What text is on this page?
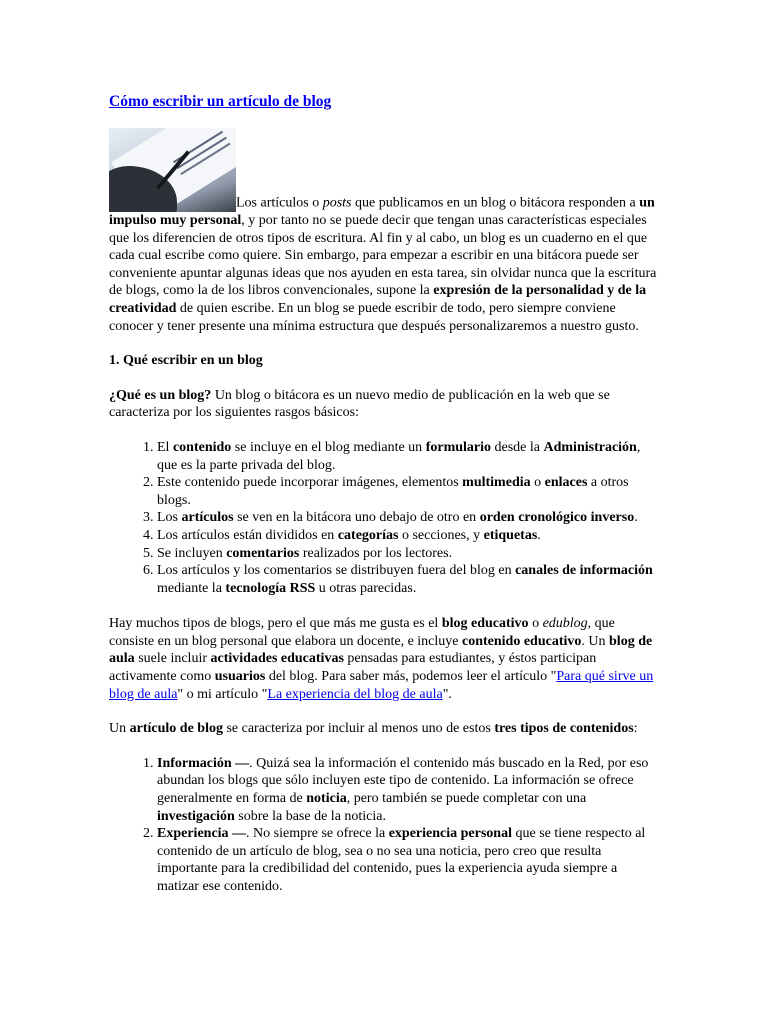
Cómo escribir un artículo de blog

Los artículos o posts que publicamos en un blog o bitácora responden a un impulso muy personal, y por tanto no se puede decir que tengan unas características especiales que los diferencien de otros tipos de escritura. Al fin y al cabo, un blog es un cuaderno en el que cada cual escribe como quiere. Sin embargo, para empezar a escribir en una bitácora puede ser conveniente apuntar algunas ideas que nos ayuden en esta tarea, sin olvidar nunca que la escritura de blogs, como la de los libros convencionales, supone la expresión de la personalidad y de la creatividad de quien escribe. En un blog se puede escribir de todo, pero siempre conviene conocer y tener presente una mínima estructura que después personalizaremos a nuestro gusto.

1. Qué escribir en un blog

¿Qué es un blog? Un blog o bitácora es un nuevo medio de publicación en la web que se caracteriza por los siguientes rasgos básicos:

1. El contenido se incluye en el blog mediante un formulario desde la Administración, que es la parte privada del blog.
2. Este contenido puede incorporar imágenes, elementos multimedia o enlaces a otros blogs.
3. Los artículos se ven en la bitácora uno debajo de otro en orden cronológico inverso.
4. Los artículos están divididos en categorías o secciones, y etiquetas.
5. Se incluyen comentarios realizados por los lectores.
6. Los artículos y los comentarios se distribuyen fuera del blog en canales de información mediante la tecnología RSS u otras parecidas.

Hay muchos tipos de blogs, pero el que más me gusta es el blog educativo o edublog, que consiste en un blog personal que elabora un docente, e incluye contenido educativo. Un blog de aula suele incluir actividades educativas pensadas para estudiantes, y éstos participan activamente como usuarios del blog. Para saber más, podemos leer el artículo "Para qué sirve un blog de aula" o mi artículo "La experiencia del blog de aula".

Un artículo de blog se caracteriza por incluir al menos uno de estos tres tipos de contenidos:

1. Información —. Quizá sea la información el contenido más buscado en la Red, por eso abundan los blogs que sólo incluyen este tipo de contenido. La información se ofrece generalmente en forma de noticia, pero también se puede completar con una investigación sobre la base de la noticia.
2. Experiencia —. No siempre se ofrece la experiencia personal que se tiene respecto al contenido de un artículo de blog, sea o no sea una noticia, pero creo que resulta importante para la credibilidad del contenido, pues la experiencia ayuda siempre a matizar ese contenido.
